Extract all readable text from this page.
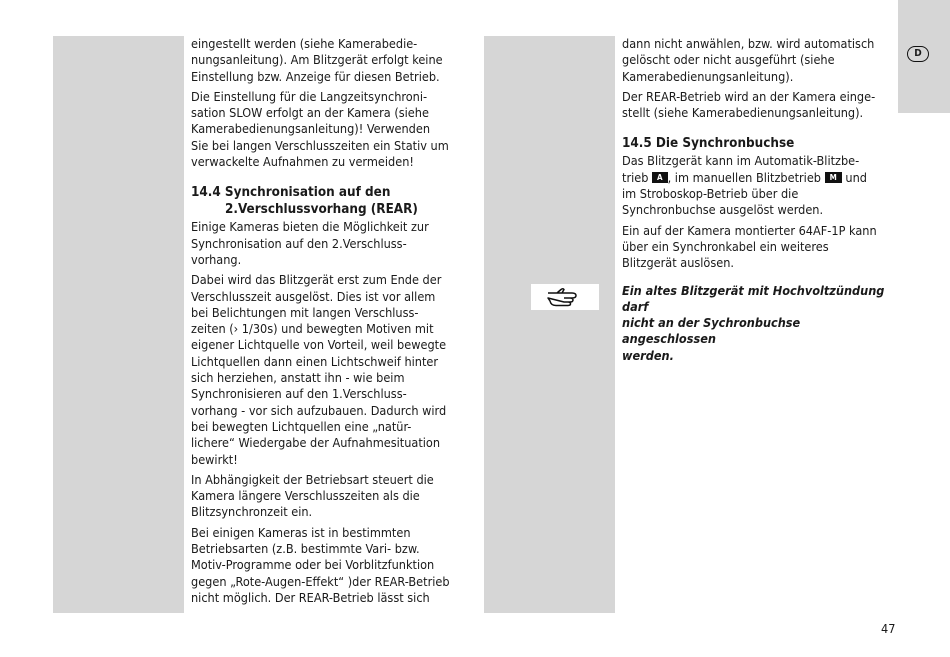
D

eingestellt werden (siehe Kamerabedie-
nungsanleitung). Am Blitzgerät erfolgt keine
Einstellung bzw. Anzeige für diesen Betrieb.

Die Einstellung für die Langzeitsynchroni-
sation SLOW erfolgt an der Kamera (siehe
Kamerabedienungsanleitung)! Verwenden
Sie bei langen Verschlusszeiten ein Stativ um
verwackelte Aufnahmen zu vermeiden!

14.4 Synchronisation auf den
2.Verschlussvorhang (REAR)

Einige Kameras bieten die Möglichkeit zur
Synchronisation auf den 2.Verschluss-
vorhang.

Dabei wird das Blitzgerät erst zum Ende der
Verschlusszeit ausgelöst. Dies ist vor allem
bei Belichtungen mit langen Verschluss-
zeiten (› 1/30s) und bewegten Motiven mit
eigener Lichtquelle von Vorteil, weil bewegte
Lichtquellen dann einen Lichtschweif hinter
sich herziehen, anstatt ihn - wie beim
Synchronisieren auf den 1.Verschluss-
vorhang - vor sich aufzubauen. Dadurch wird
bei bewegten Lichtquellen eine „natür-
lichere“ Wiedergabe der Aufnahmesituation
bewirkt!

In Abhängigkeit der Betriebsart steuert die
Kamera längere Verschlusszeiten als die
Blitzsynchronzeit ein.

Bei einigen Kameras ist in bestimmten
Betriebsarten (z.B. bestimmte Vari- bzw.
Motiv-Programme oder bei Vorblitzfunktion
gegen „Rote-Augen-Effekt“ )der REAR-Betrieb
nicht möglich. Der REAR-Betrieb lässt sich

dann nicht anwählen, bzw. wird automatisch
gelöscht oder nicht ausgeführt (siehe
Kamerabedienungsanleitung).

Der REAR-Betrieb wird an der Kamera einge-
stellt (siehe Kamerabedienungsanleitung).

14.5 Die Synchronbuchse

Das Blitzgerät kann im Automatik-Blitzbe-
trieb A , im manuellen Blitzbetrieb M und
im Stroboskop-Betrieb über die
Synchronbuchse ausgelöst werden.

Ein auf der Kamera montierter 64AF-1P kann
über ein Synchronkabel ein weiteres
Blitzgerät auslösen.

Ein altes Blitzgerät mit Hochvoltzündung darf
nicht an der Sychronbuchse angeschlossen
werden.

47
